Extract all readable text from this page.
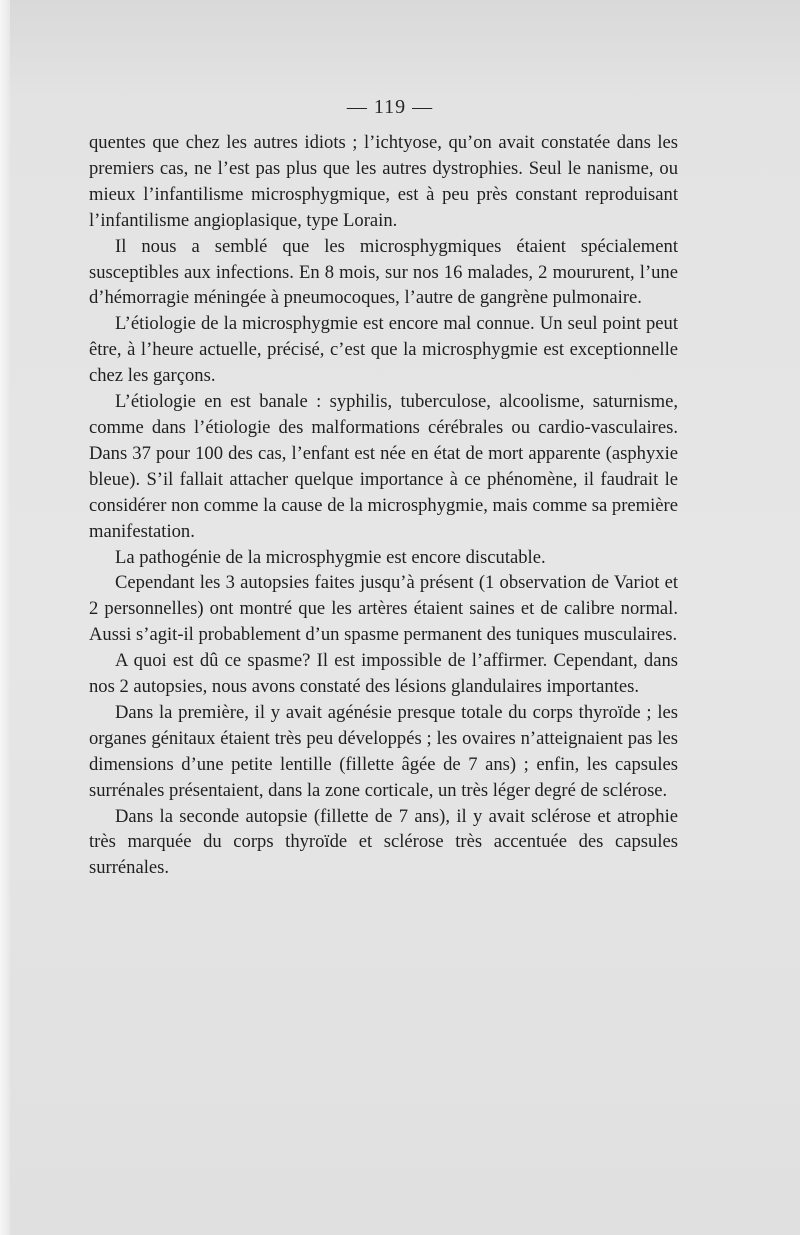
— 119 —

quentes que chez les autres idiots ; l’ichtyose, qu’on avait constatée dans les premiers cas, ne l’est pas plus que les autres dystrophies. Seul le nanisme, ou mieux l’infantilisme microsphygmique, est à peu près constant reproduisant l’infantilisme angioplasique, type Lorain.

Il nous a semblé que les microsphygmiques étaient spécialement susceptibles aux infections. En 8 mois, sur nos 16 malades, 2 moururent, l’une d’hémorragie méningée à pneumocoques, l’autre de gangrène pulmonaire.

L’étiologie de la microsphygmie est encore mal connue. Un seul point peut être, à l’heure actuelle, précisé, c’est que la microsphygmie est exceptionnelle chez les garçons.

L’étiologie en est banale : syphilis, tuberculose, alcoolisme, saturnisme, comme dans l’étiologie des malformations cérébrales ou cardio-vasculaires. Dans 37 pour 100 des cas, l’enfant est née en état de mort apparente (asphyxie bleue). S’il fallait attacher quelque importance à ce phénomène, il faudrait le considérer non comme la cause de la microsphygmie, mais comme sa première manifestation.

La pathogénie de la microsphygmie est encore discutable.

Cependant les 3 autopsies faites jusqu’à présent (1 observation de Variot et 2 personnelles) ont montré que les artères étaient saines et de calibre normal. Aussi s’agit-il probablement d’un spasme permanent des tuniques musculaires.

A quoi est dû ce spasme? Il est impossible de l’affirmer. Cependant, dans nos 2 autopsies, nous avons constaté des lésions glandulaires importantes.

Dans la première, il y avait agénésie presque totale du corps thyroïde ; les organes génitaux étaient très peu développés ; les ovaires n’atteignaient pas les dimensions d’une petite lentille (fillette âgée de 7 ans) ; enfin, les capsules surrénales présentaient, dans la zone corticale, un très léger degré de sclérose.

Dans la seconde autopsie (fillette de 7 ans), il y avait sclérose et atrophie très marquée du corps thyroïde et sclérose très accentuée des capsules surrénales.
